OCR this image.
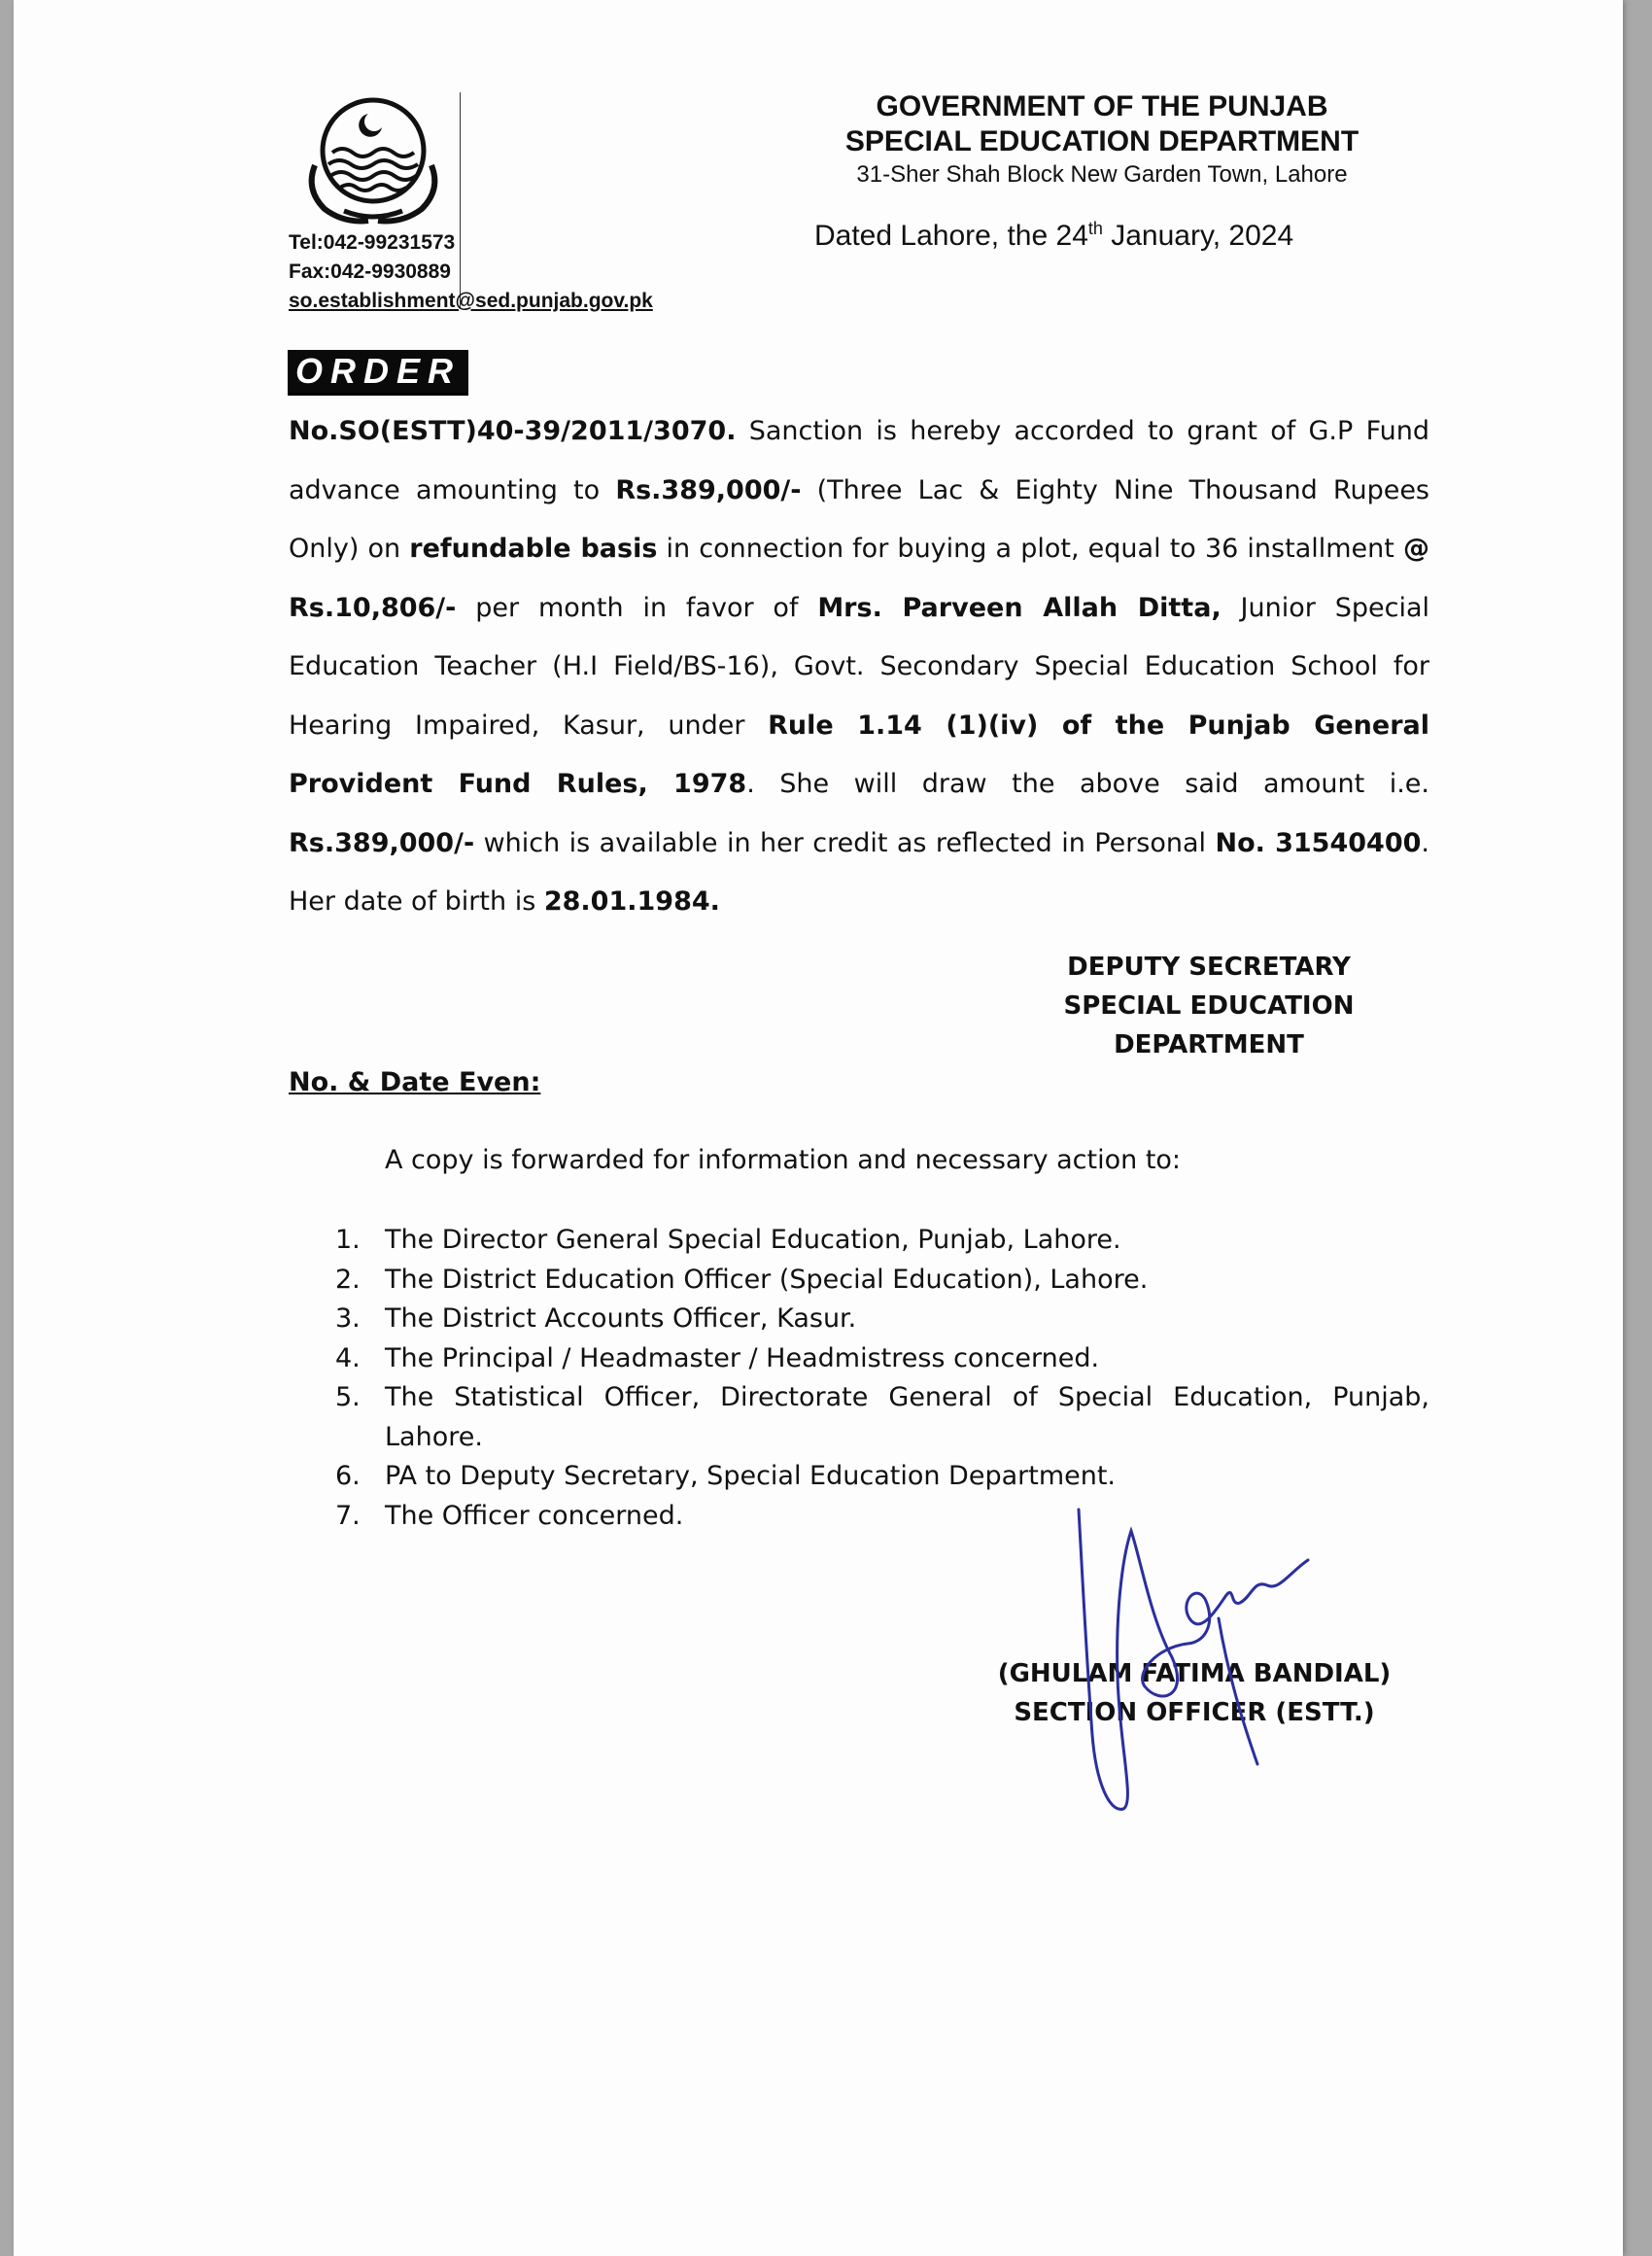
Tel:042-99231573
Fax:042-9930889
so.establishment@sed.punjab.gov.pk
GOVERNMENT OF THE PUNJAB
SPECIAL EDUCATION DEPARTMENT
31-Sher Shah Block New Garden Town, Lahore
Dated Lahore, the 24th January, 2024
ORDER
No.SO(ESTT)40-39/2011/3070. Sanction is hereby accorded to grant of G.P Fund advance amounting to Rs.389,000/- (Three Lac & Eighty Nine Thousand Rupees Only) on refundable basis in connection for buying a plot, equal to 36 installment @ Rs.10,806/- per month in favor of Mrs. Parveen Allah Ditta, Junior Special Education Teacher (H.I Field/BS-16), Govt. Secondary Special Education School for Hearing Impaired, Kasur, under Rule 1.14 (1)(iv) of the Punjab General Provident Fund Rules, 1978. She will draw the above said amount i.e. Rs.389,000/- which is available in her credit as reflected in Personal No. 31540400. Her date of birth is 28.01.1984.
DEPUTY SECRETARY
SPECIAL EDUCATION
DEPARTMENT
No. & Date Even:
A copy is forwarded for information and necessary action to:
1. The Director General Special Education, Punjab, Lahore.
2. The District Education Officer (Special Education), Lahore.
3. The District Accounts Officer, Kasur.
4. The Principal / Headmaster / Headmistress concerned.
5. The Statistical Officer, Directorate General of Special Education, Punjab, Lahore.
6. PA to Deputy Secretary, Special Education Department.
7. The Officer concerned.
(GHULAM FATIMA BANDIAL)
SECTION OFFICER (ESTT.)
